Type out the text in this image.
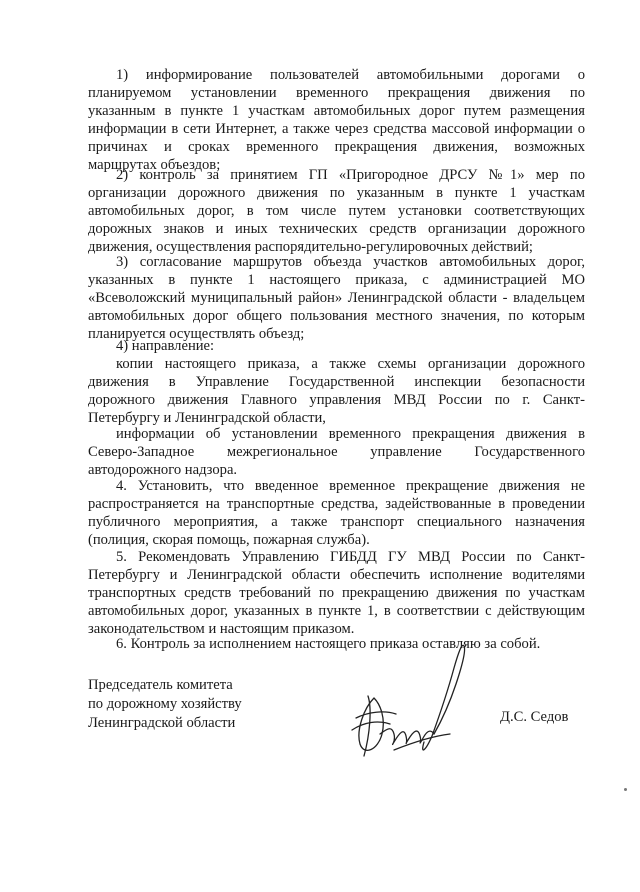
1) информирование пользователей автомобильными дорогами о
планируемом установлении временного прекращения движения по
указанным в пункте 1 участкам автомобильных дорог путем размещения
информации в сети Интернет, а также через средства массовой информации о
причинах и сроках временного прекращения движения, возможных
маршрутах объездов;
2) контроль за принятием ГП «Пригородное ДРСУ №1» мер по
организации дорожного движения по указанным в пункте 1 участкам
автомобильных дорог, в том числе путем установки соответствующих
дорожных знаков и иных технических средств организации дорожного
движения, осуществления распорядительно-регулировочных действий;
3) согласование маршрутов объезда участков автомобильных дорог,
указанных в пункте 1 настоящего приказа, с администрацией МО
«Всеволожский муниципальный район» Ленинградской области - владельцем
автомобильных дорог общего пользования местного значения, по которым
планируется осуществлять объезд;
4) направление:
копии настоящего приказа, а также схемы организации дорожного
движения в Управление Государственной инспекции безопасности
дорожного движения Главного управления МВД России по г. Санкт-
Петербургу и Ленинградской области,
информации об установлении временного прекращения движения в
Северо-Западное межрегиональное управление Государственного
автодорожного надзора.
4. Установить, что введенное временное прекращение движения не
распространяется на транспортные средства, задействованные в проведении
публичного мероприятия, а также транспорт специального назначения
(полиция, скорая помощь, пожарная служба).
5. Рекомендовать Управлению ГИБДД ГУ МВД России по Санкт-
Петербургу и Ленинградской области обеспечить исполнение водителями
транспортных средств требований по прекращению движения по участкам
автомобильных дорог, указанных в пункте 1, в соответствии с действующим
законодательством и настоящим приказом.
6. Контроль за исполнением настоящего приказа оставляю за собой.
Председатель комитета
по дорожному хозяйству
Ленинградской области	Д.С. Седов
